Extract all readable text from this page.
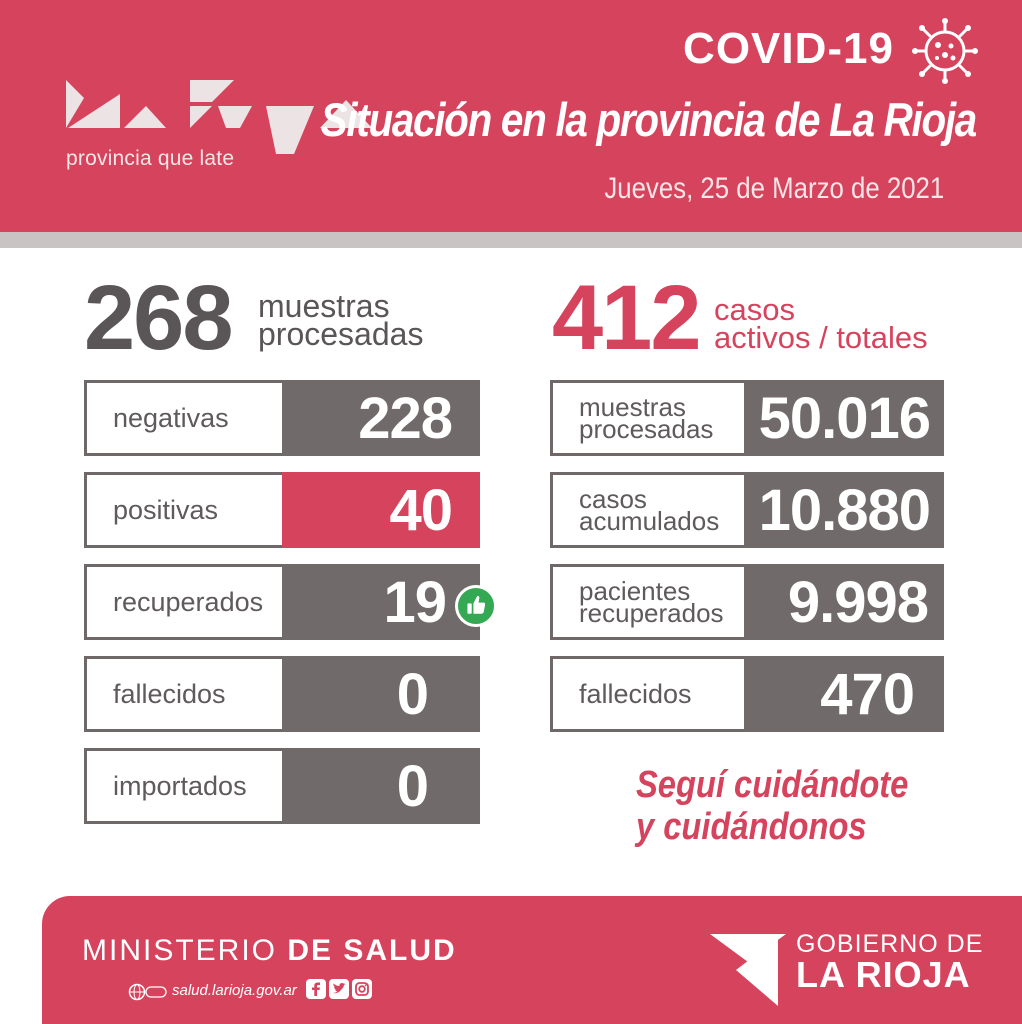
provincia que late
COVID-19
Situación en la provincia de La Rioja
Jueves, 25 de Marzo de 2021
268 muestras
procesadas 412 casos
activos / totales
negativas	228
positivas	40
recuperados	19
fallecidos	0
importados	0
muestras
procesadas 50.016
casos
acumulados 10.880
pacientes
recuperados	9.998
fallecidos	470
Seguí cuidándote
y cuidándonos
MINISTERIO DE SALUD
salud.larioja.gov.ar
GOBIERNO DE
LA RIOJA
